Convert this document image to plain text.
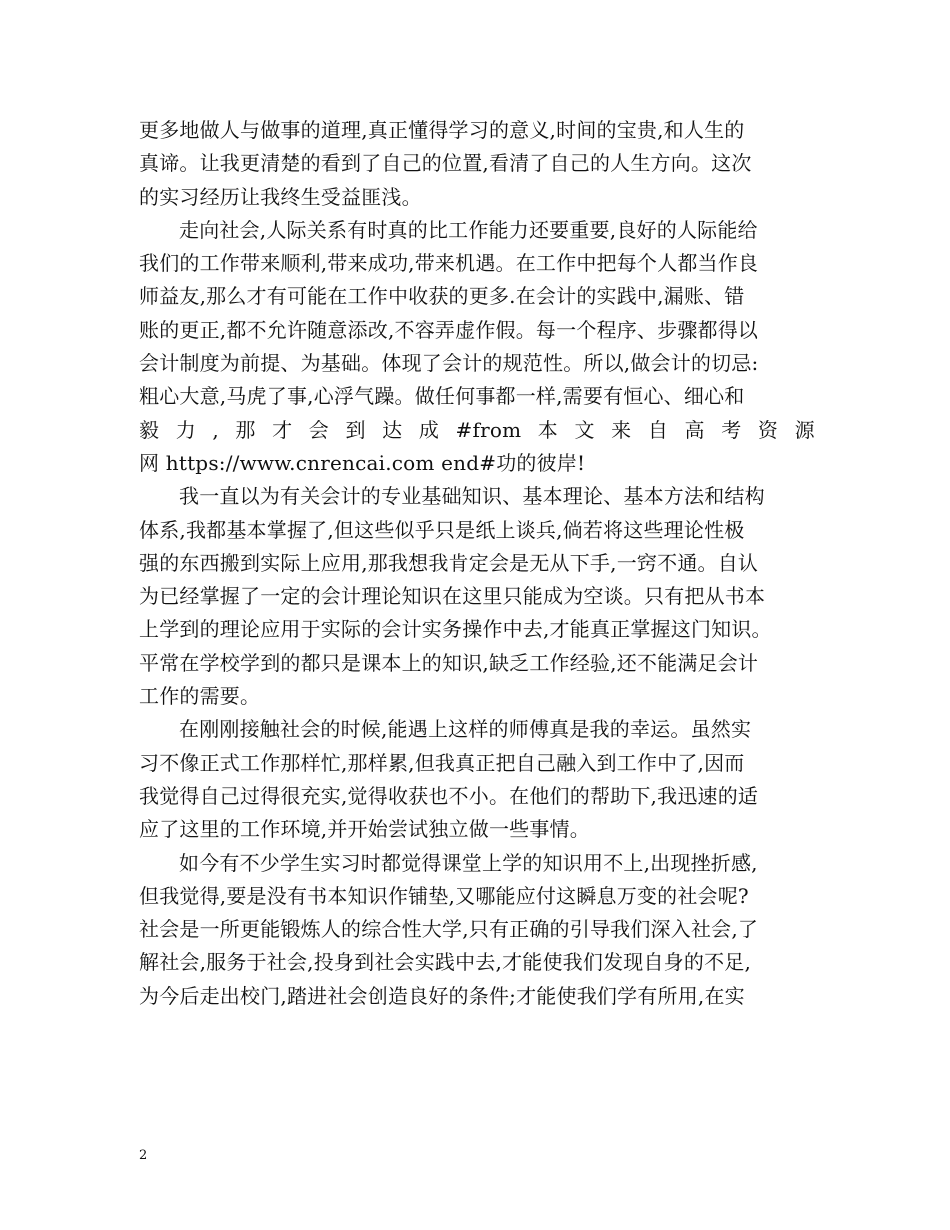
更多地做人与做事的道理,真正懂得学习的意义,时间的宝贵,和人生的
真谛。让我更清楚的看到了自己的位置,看清了自己的人生方向。这次
的实习经历让我终生受益匪浅。
走向社会,人际关系有时真的比工作能力还要重要,良好的人际能给
我们的工作带来顺利,带来成功,带来机遇。在工作中把每个人都当作良
师益友,那么才有可能在工作中收获的更多.在会计的实践中,漏账、错
账的更正,都不允许随意添改,不容弄虚作假。每一个程序、步骤都得以
会计制度为前提、为基础。体现了会计的规范性。所以,做会计的切忌:
粗心大意,马虎了事,心浮气躁。做任何事都一样,需要有恒心、细心和
毅 力 , 那 才 会 到 达 成 #from 本 文 来 自 高 考 资 源
网 https://www.cnrencai.com end#功的彼岸!
我一直以为有关会计的专业基础知识、基本理论、基本方法和结构
体系,我都基本掌握了,但这些似乎只是纸上谈兵,倘若将这些理论性极
强的东西搬到实际上应用,那我想我肯定会是无从下手,一窍不通。自认
为已经掌握了一定的会计理论知识在这里只能成为空谈。只有把从书本
上学到的理论应用于实际的会计实务操作中去,才能真正掌握这门知识。
平常在学校学到的都只是课本上的知识,缺乏工作经验,还不能满足会计
工作的需要。
在刚刚接触社会的时候,能遇上这样的师傅真是我的幸运。虽然实
习不像正式工作那样忙,那样累,但我真正把自己融入到工作中了,因而
我觉得自己过得很充实,觉得收获也不小。在他们的帮助下,我迅速的适
应了这里的工作环境,并开始尝试独立做一些事情。
如今有不少学生实习时都觉得课堂上学的知识用不上,出现挫折感,
但我觉得,要是没有书本知识作铺垫,又哪能应付这瞬息万变的社会呢?
社会是一所更能锻炼人的综合性大学,只有正确的引导我们深入社会,了
解社会,服务于社会,投身到社会实践中去,才能使我们发现自身的不足,
为今后走出校门,踏进社会创造良好的条件;才能使我们学有所用,在实
2
